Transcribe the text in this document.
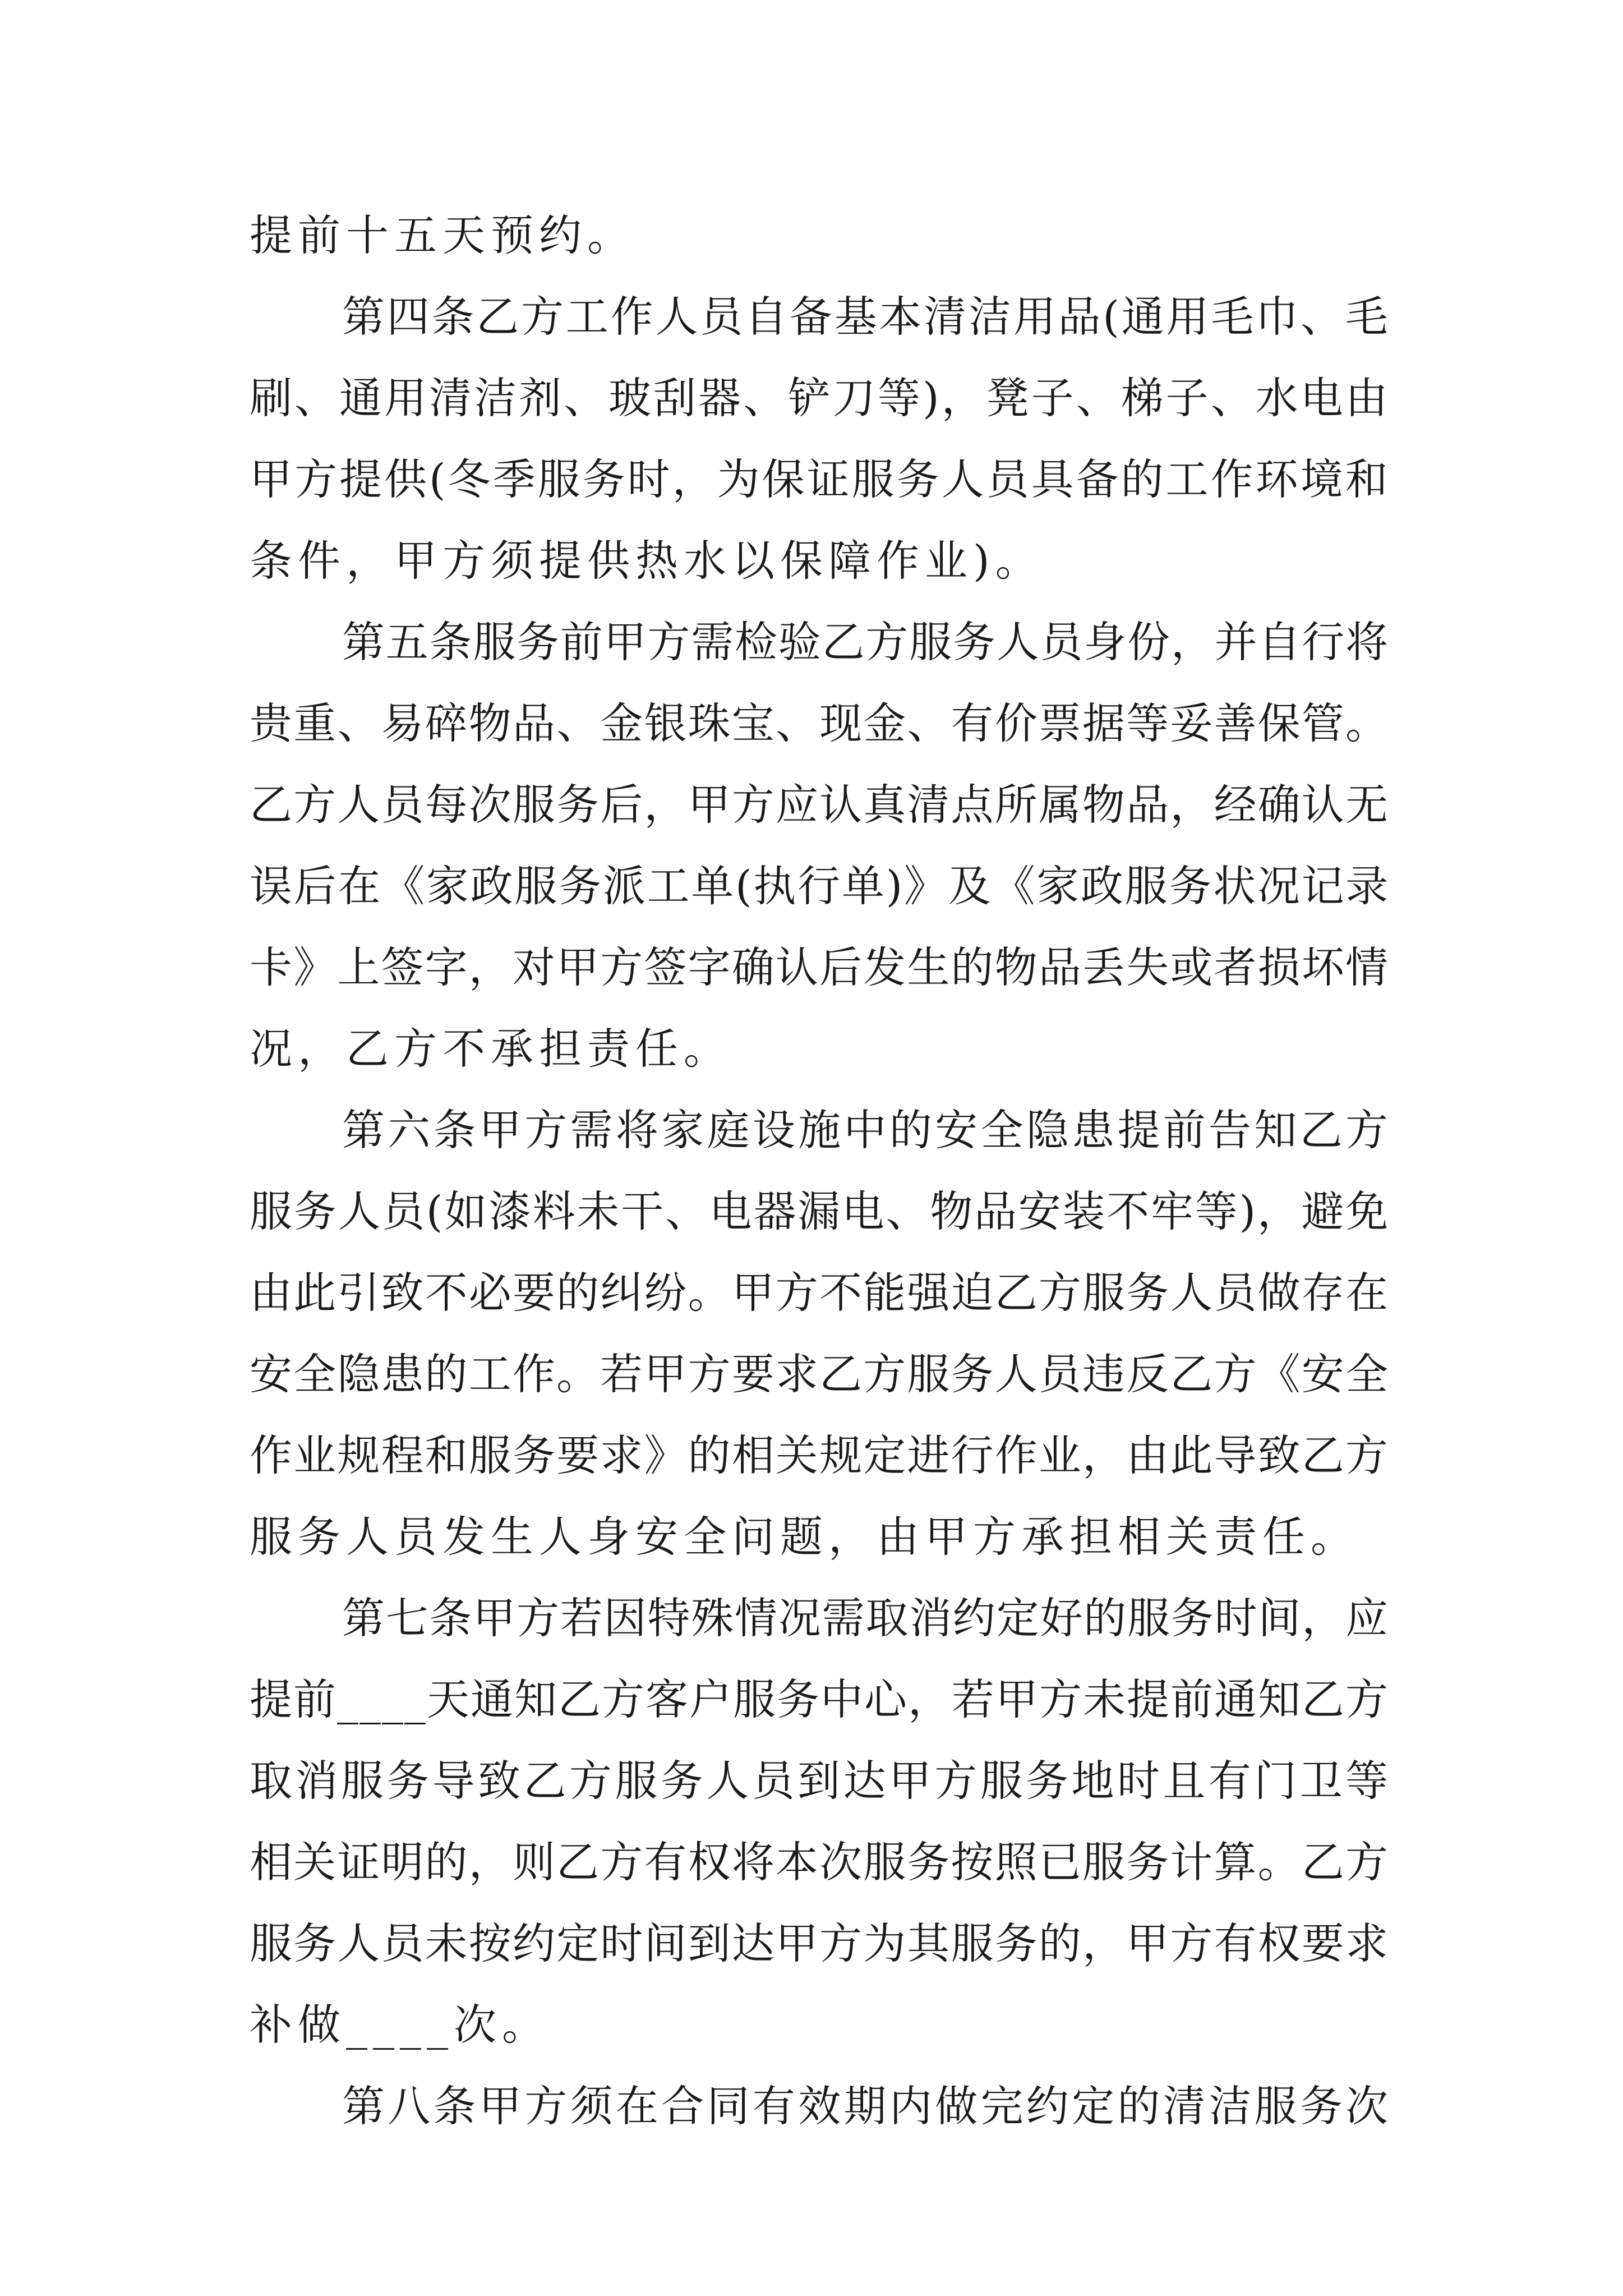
提前十五天预约。
第四条乙方工作人员自备基本清洁用品(通用毛巾、毛
刷、通用清洁剂、玻刮器、铲刀等)，凳子、梯子、水电由
甲方提供(冬季服务时，为保证服务人员具备的工作环境和
条件，甲方须提供热水以保障作业)。
第五条服务前甲方需检验乙方服务人员身份，并自行将
贵重、易碎物品、金银珠宝、现金、有价票据等妥善保管。
乙方人员每次服务后，甲方应认真清点所属物品，经确认无
误后在《家政服务派工单(执行单)》及《家政服务状况记录
卡》上签字，对甲方签字确认后发生的物品丢失或者损坏情
况，乙方不承担责任。
第六条甲方需将家庭设施中的安全隐患提前告知乙方
服务人员(如漆料未干、电器漏电、物品安装不牢等)，避免
由此引致不必要的纠纷。甲方不能强迫乙方服务人员做存在
安全隐患的工作。若甲方要求乙方服务人员违反乙方《安全
作业规程和服务要求》的相关规定进行作业，由此导致乙方
服务人员发生人身安全问题，由甲方承担相关责任。
第七条甲方若因特殊情况需取消约定好的服务时间，应
提前____天通知乙方客户服务中心，若甲方未提前通知乙方
取消服务导致乙方服务人员到达甲方服务地时且有门卫等
相关证明的，则乙方有权将本次服务按照已服务计算。乙方
服务人员未按约定时间到达甲方为其服务的，甲方有权要求
补做____次。
第八条甲方须在合同有效期内做完约定的清洁服务次
